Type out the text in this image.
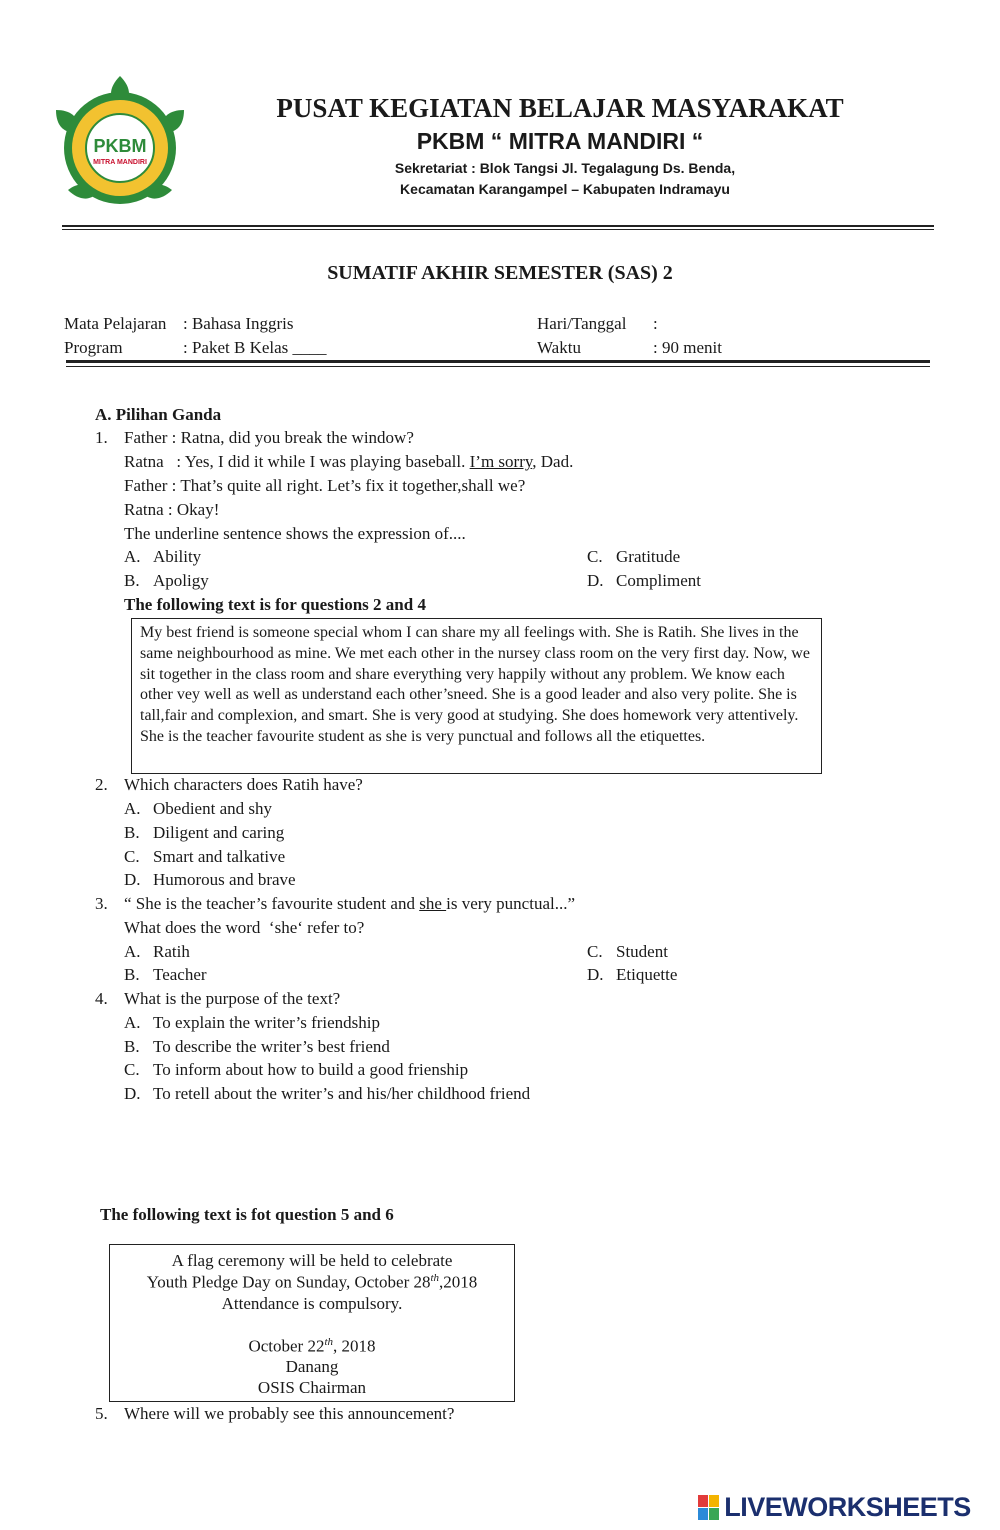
PKBM
MITRA MANDIRI
PUSAT KEGIATAN BELAJAR MASYARAKAT
PKBM “ MITRA MANDIRI “
Sekretariat : Blok Tangsi Jl. Tegalagung Ds. Benda,
Kecamatan Karangampel – Kabupaten Indramayu
SUMATIF AKHIR SEMESTER (SAS) 2
Mata Pelajaran : Bahasa Inggris
Program	: Paket B Kelas ____
Hari/Tanggal :
Waktu	: 90 menit
A. Pilihan Ganda
1. Father : Ratna, did you break the window?
Ratna   : Yes, I did it while I was playing baseball. I’m sorry, Dad.
Father : That’s quite all right. Let’s fix it together,shall we?
Ratna : Okay!
The underline sentence shows the expression of....
A. Ability
B. Apoligy
C. Gratitude
D. Compliment
The following text is for questions 2 and 4
My best friend is someone special whom I can share my all feelings with. She is Ratih. She lives in the same neighbourhood as mine. We met each other in the nursey class room on the very first day. Now, we sit together in the class room and share everything very happily without any problem. We know each other vey well as well as understand each other’sneed. She is a good leader and also very polite. She is tall,fair and complexion, and smart. She is very good at studying. She does homework very attentively. She is the teacher favourite student as she is very punctual and follows all the etiquettes.
2. Which characters does Ratih have?
A. Obedient and shy
B. Diligent and caring
C. Smart and talkative
D. Humorous and brave
3. “ She is the teacher’s favourite student and she is very punctual...”
What does the word  ‘she‘ refer to?
A. Ratih
B. Teacher
C. Student
D. Etiquette
4. What is the purpose of the text?
A. To explain the writer’s friendship
B. To describe the writer’s best friend
C. To inform about how to build a good frienship
D. To retell about the writer’s and his/her childhood friend
The following text is fot question 5 and 6
A flag ceremony will be held to celebrate
Youth Pledge Day on Sunday, October 28th,2018
Attendance is compulsory.
October 22th, 2018
Danang
OSIS Chairman
5. Where will we probably see this announcement?
LIVEWORKSHEETS
